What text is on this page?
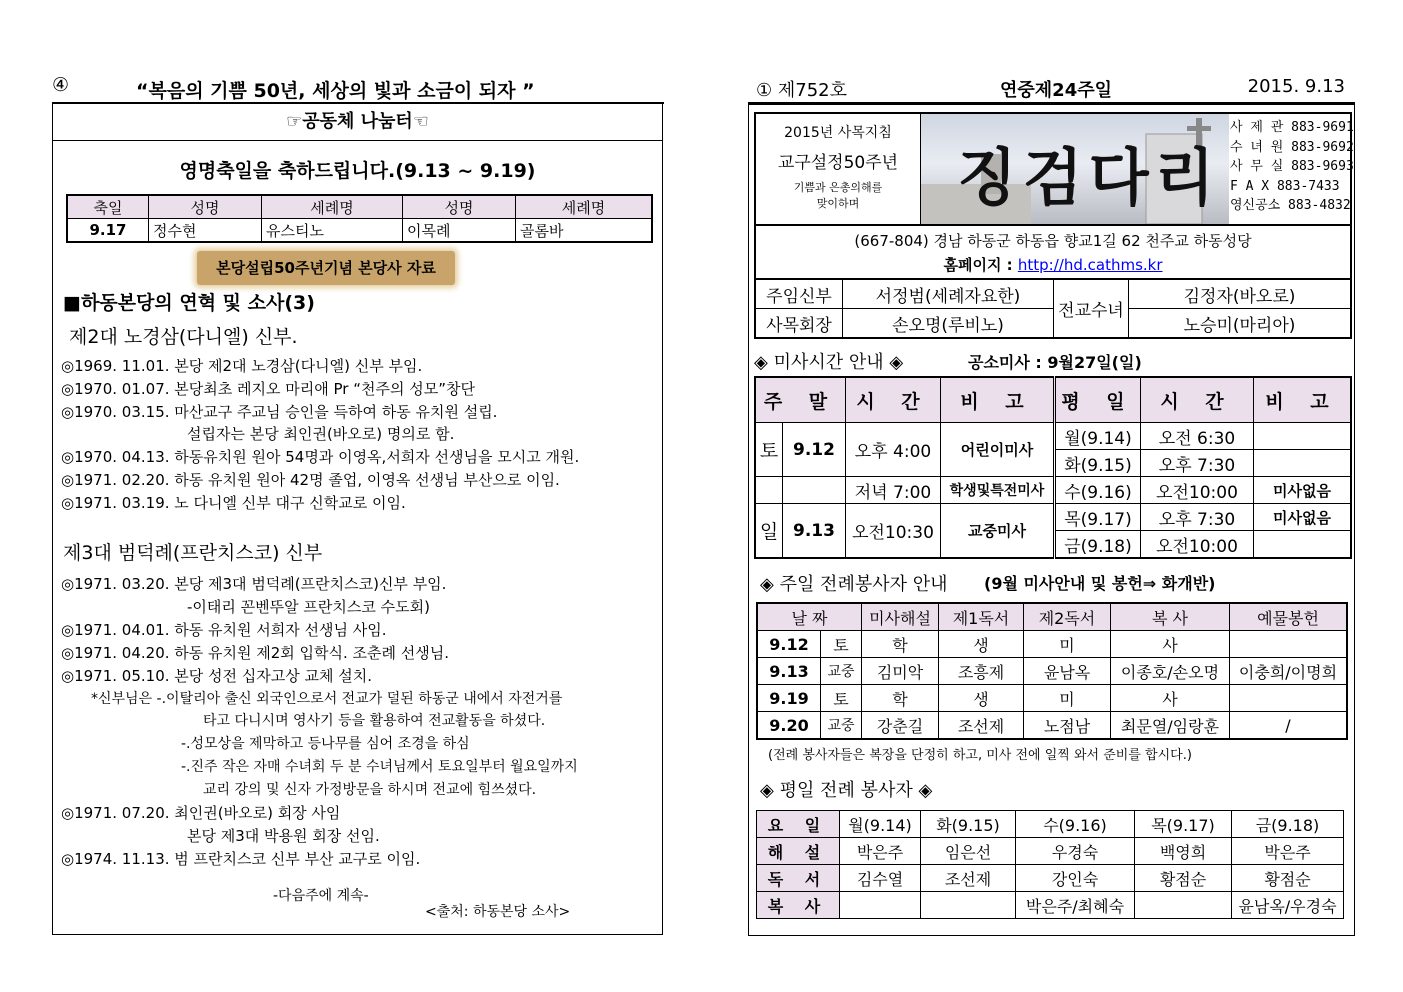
④	“복음의 기쁨 50년, 세상의 빛과 소금이 되자 ”
☞공동체 나눔터☜
영명축일을 축하드립니다.(9.13 ~ 9.19)
축일	성명	세례명	성명	세례명
9.17	정수현	유스티노	이목례	골롬바
본당설립50주년기념 본당사 자료
■하동본당의 연혁 및 소사(3)
제2대 노경삼(다니엘) 신부.
◎1969. 11.01. 본당 제2대 노경삼(다니엘) 신부 부임.
◎1970. 01.07. 본당최초 레지오 마리애 Pr “천주의 성모”창단
◎1970. 03.15. 마산교구 주교님 승인을 득하여 하동 유치원 설립.
설립자는 본당 최인권(바오로) 명의로 함.
◎1970. 04.13. 하동유치원 원아 54명과 이영옥,서희자 선생님을 모시고 개원.
◎1971. 02.20. 하동 유치원 원아 42명 졸업, 이영옥 선생님 부산으로 이임.
◎1971. 03.19. 노 다니엘 신부 대구 신학교로 이임.
제3대 범덕례(프란치스코) 신부
◎1971. 03.20. 본당 제3대 범덕례(프란치스코)신부 부임.
-이태리 꼰벤뚜알 프란치스코 수도회)
◎1971. 04.01. 하동 유치원 서희자 선생님 사임.
◎1971. 04.20. 하동 유치원 제2회 입학식. 조춘례 선생님.
◎1971. 05.10. 본당 성전 십자고상 교체 설치.
*신부님은 -.이탈리아 출신 외국인으로서 전교가 덜된 하동군 내에서 자전거를
타고 다니시며 영사기 등을 활용하여 전교활동을 하셨다.
-.성모상을 제막하고 등나무를 심어 조경을 하심
-.진주 작은 자매 수녀회 두 분 수녀님께서 토요일부터 월요일까지
교리 강의 및 신자 가정방문을 하시며 전교에 힘쓰셨다.
◎1971. 07.20. 최인권(바오로) 회장 사임
본당 제3대 박용원 회장 선임.
◎1974. 11.13. 범 프란치스코 신부 부산 교구로 이임.
-다음주에 계속-
<출처: 하동본당 소사>
① 제752호	연중제24주일	2015. 9.13
2015년 사목지침
교구설정50주년
기쁨과 은총의해를
맞이하며	징검다리
사 제 관 883-9691
수 녀 원 883-9692
사 무 실 883-9693
F A X 883-7433
영신공소 883-4832
(667-804) 경남 하동군 하동읍 향교1길 62 천주교 하동성당
홈페이지 : http://hd.cathms.kr
주임신부	서정범(세례자요한)	전교수녀	김정자(바오로)
사목회장	손오명(루비노)		노승미(마리아)
◈ 미사시간 안내 ◈	공소미사 : 9월27일(일)
주 말		시 간	비 고	평 일	시 간	비 고
토	9.12	오후 4:00	어린이미사	월(9.14)	오전 6:30	
				화(9.15)	오후 7:30	
		저녁 7:00	학생및특전미사	수(9.16)	오전10:00	미사없음
일	9.13	오전10:30	교중미사	목(9.17)	오후 7:30	미사없음
				금(9.18)	오전10:00	
◈ 주일 전례봉사자 안내 (9월 미사안내 및 봉헌⇒ 화개반)
날 짜		미사해설	제1독서	제2독서	복 사	예물봉헌
9.12	토	학	생	미	사	
9.13	교중	김미악	조흥제	윤남옥	이종호/손오명	이충희/이명희
9.19	토	학	생	미	사	
9.20	교중	강춘길	조선제	노점남	최문열/임랑훈	/
(전례 봉사자들은 복장을 단정히 하고, 미사 전에 일찍 와서 준비를 합시다.)
◈ 평일 전례 봉사자 ◈
요 일	월(9.14)	화(9.15)	수(9.16)	목(9.17)	금(9.18)
해 설	박은주	임은선	우경숙	백영희	박은주
독 서	김수열	조선제	강인숙	황점순	황점순
복 사			박은주/최혜숙		윤남옥/우경숙
